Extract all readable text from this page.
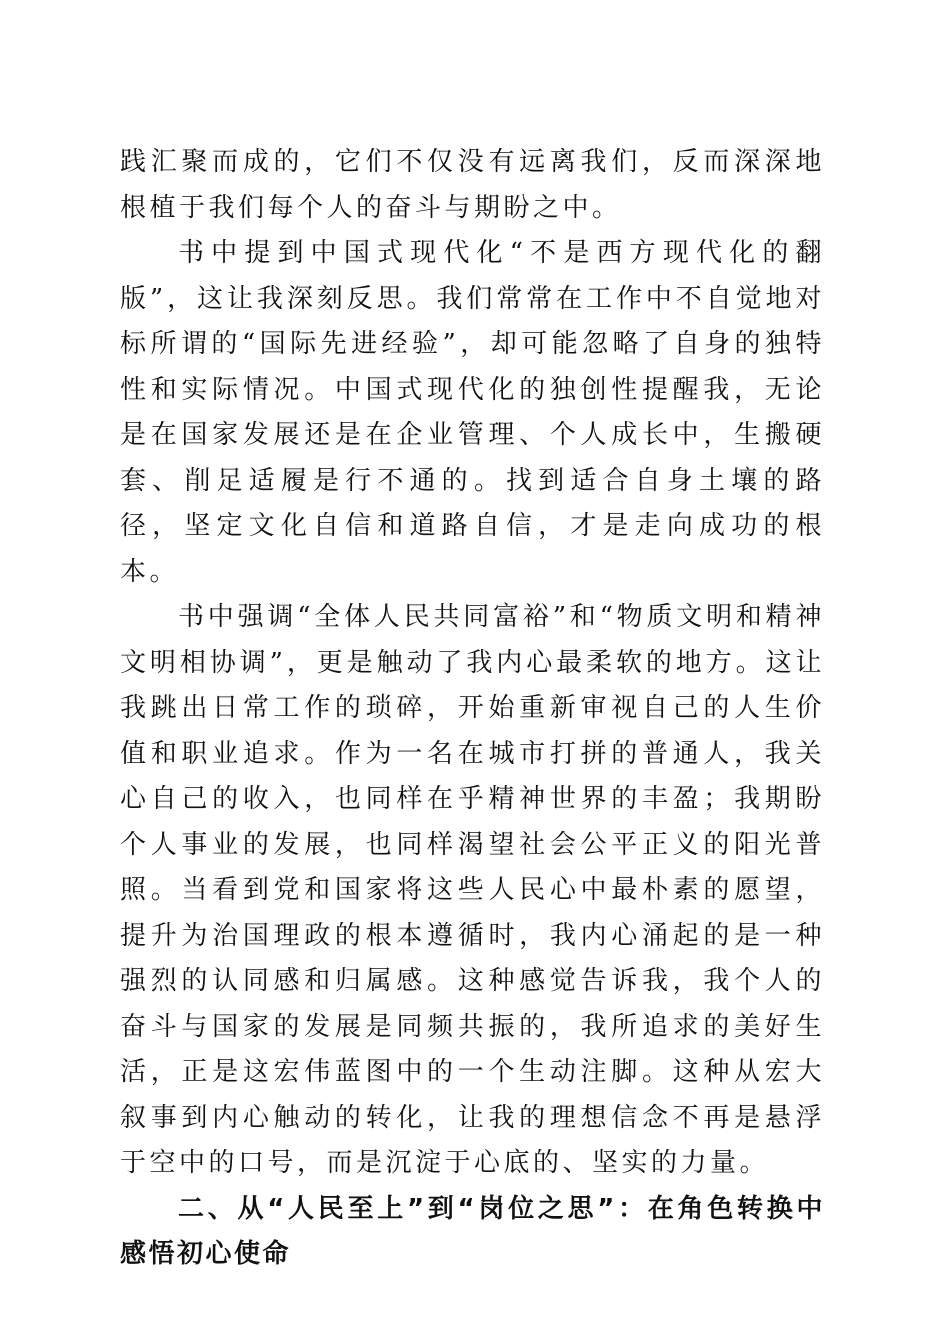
践汇聚而成的，它们不仅没有远离我们，反而深深地根植于我们每个人的奋斗与期盼之中。

书中提到中国式现代化“不是西方现代化的翻版”，这让我深刻反思。我们常常在工作中不自觉地对标所谓的“国际先进经验”，却可能忽略了自身的独特性和实际情况。中国式现代化的独创性提醒我，无论是在国家发展还是在企业管理、个人成长中，生搬硬套、削足适履是行不通的。找到适合自身土壤的路径，坚定文化自信和道路自信，才是走向成功的根本。

书中强调“全体人民共同富裕”和“物质文明和精神文明相协调”，更是触动了我内心最柔软的地方。这让我跳出日常工作的琐碎，开始重新审视自己的人生价值和职业追求。作为一名在城市打拼的普通人，我关心自己的收入，也同样在乎精神世界的丰盈；我期盼个人事业的发展，也同样渴望社会公平正义的阳光普照。当看到党和国家将这些人民心中最朴素的愿望，提升为治国理政的根本遵循时，我内心涌起的是一种强烈的认同感和归属感。这种感觉告诉我，我个人的奋斗与国家的发展是同频共振的，我所追求的美好生活，正是这宏伟蓝图中的一个生动注脚。这种从宏大叙事到内心触动的转化，让我的理想信念不再是悬浮于空中的口号，而是沉淀于心底的、坚实的力量。

二、从“人民至上”到“岗位之思”：在角色转换中感悟初心使命
